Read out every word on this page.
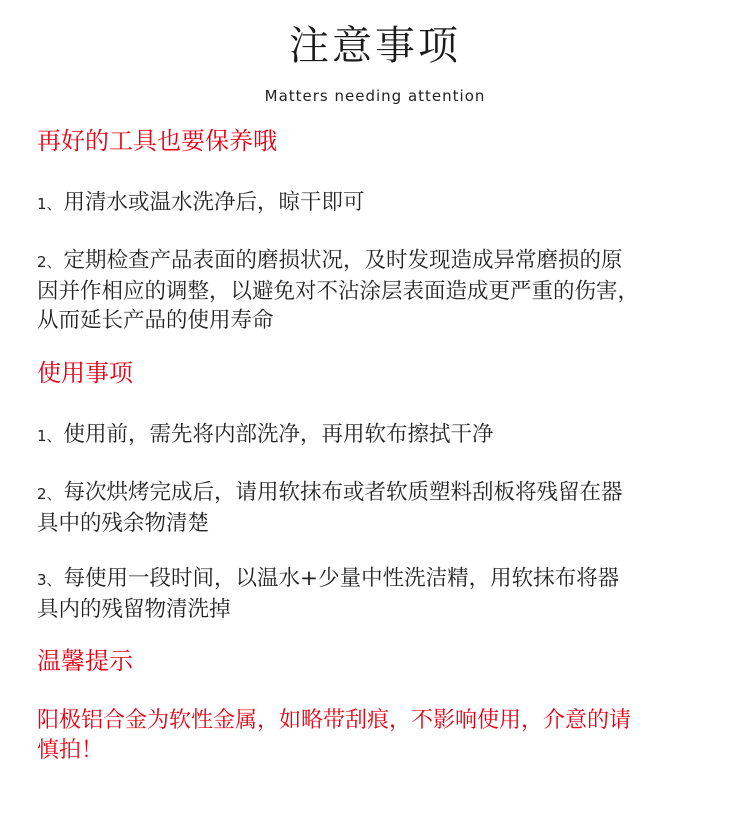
注意事项
Matters needing attention
再好的工具也要保养哦
1、用清水或温水洗净后，晾干即可
2、定期检查产品表面的磨损状况，及时发现造成异常磨损的原
因并作相应的调整，以避免对不沾涂层表面造成更严重的伤害，
从而延长产品的使用寿命
使用事项
1、使用前，需先将内部洗净，再用软布擦拭干净
2、每次烘烤完成后，请用软抹布或者软质塑料刮板将残留在器
具中的残余物清楚
3、每使用一段时间，以温水+少量中性洗洁精，用软抹布将器
具内的残留物清洗掉
温馨提示
阳极铝合金为软性金属，如略带刮痕，不影响使用，介意的请
慎拍！
